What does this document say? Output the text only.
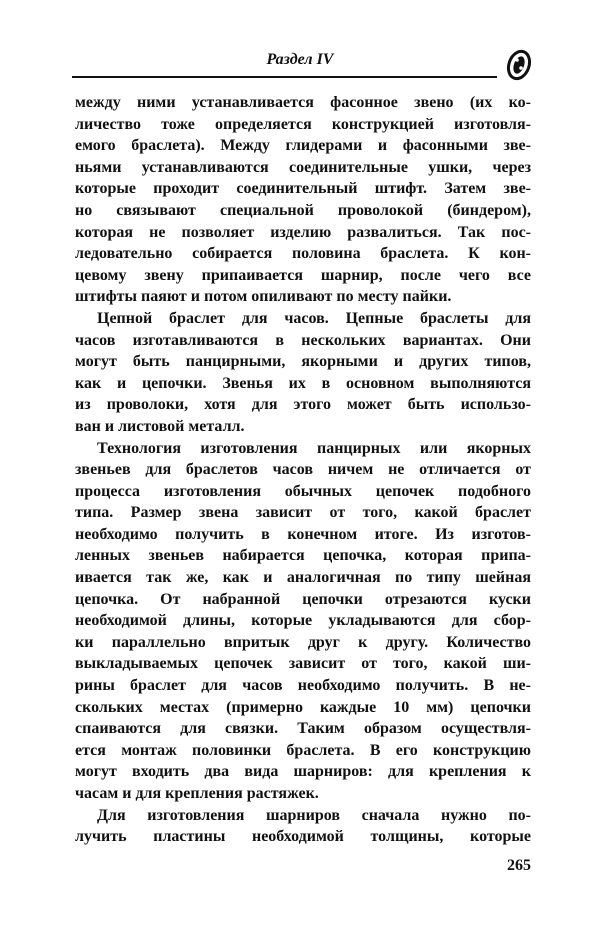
Раздел IV
между ними устанавливается фасонное звено (их ко-
личество тоже определяется конструкцией изготовля-
емого браслета). Между глидерами и фасонными зве-
ньями устанавливаются соединительные ушки, через
которые проходит соединительный штифт. Затем зве-
но связывают специальной проволокой (биндером),
которая не позволяет изделию развалиться. Так пос-
ледовательно собирается половина браслета. К кон-
цевому звену припаивается шарнир, после чего все
штифты паяют и потом опиливают по месту пайки.
Цепной браслет для часов. Цепные браслеты для
часов изготавливаются в нескольких вариантах. Они
могут быть панцирными, якорными и других типов,
как и цепочки. Звенья их в основном выполняются
из проволоки, хотя для этого может быть использо-
ван и листовой металл.
Технология изготовления панцирных или якорных
звеньев для браслетов часов ничем не отличается от
процесса изготовления обычных цепочек подобного
типа. Размер звена зависит от того, какой браслет
необходимо получить в конечном итоге. Из изготов-
ленных звеньев набирается цепочка, которая припа-
ивается так же, как и аналогичная по типу шейная
цепочка. От набранной цепочки отрезаются куски
необходимой длины, которые укладываются для сбор-
ки параллельно впритык друг к другу. Количество
выкладываемых цепочек зависит от того, какой ши-
рины браслет для часов необходимо получить. В не-
скольких местах (примерно каждые 10 мм) цепочки
спаиваются для связки. Таким образом осуществля-
ется монтаж половинки браслета. В его конструкцию
могут входить два вида шарниров: для крепления к
часам и для крепления растяжек.
Для изготовления шарниров сначала нужно по-
лучить пластины необходимой толщины, которые
265
